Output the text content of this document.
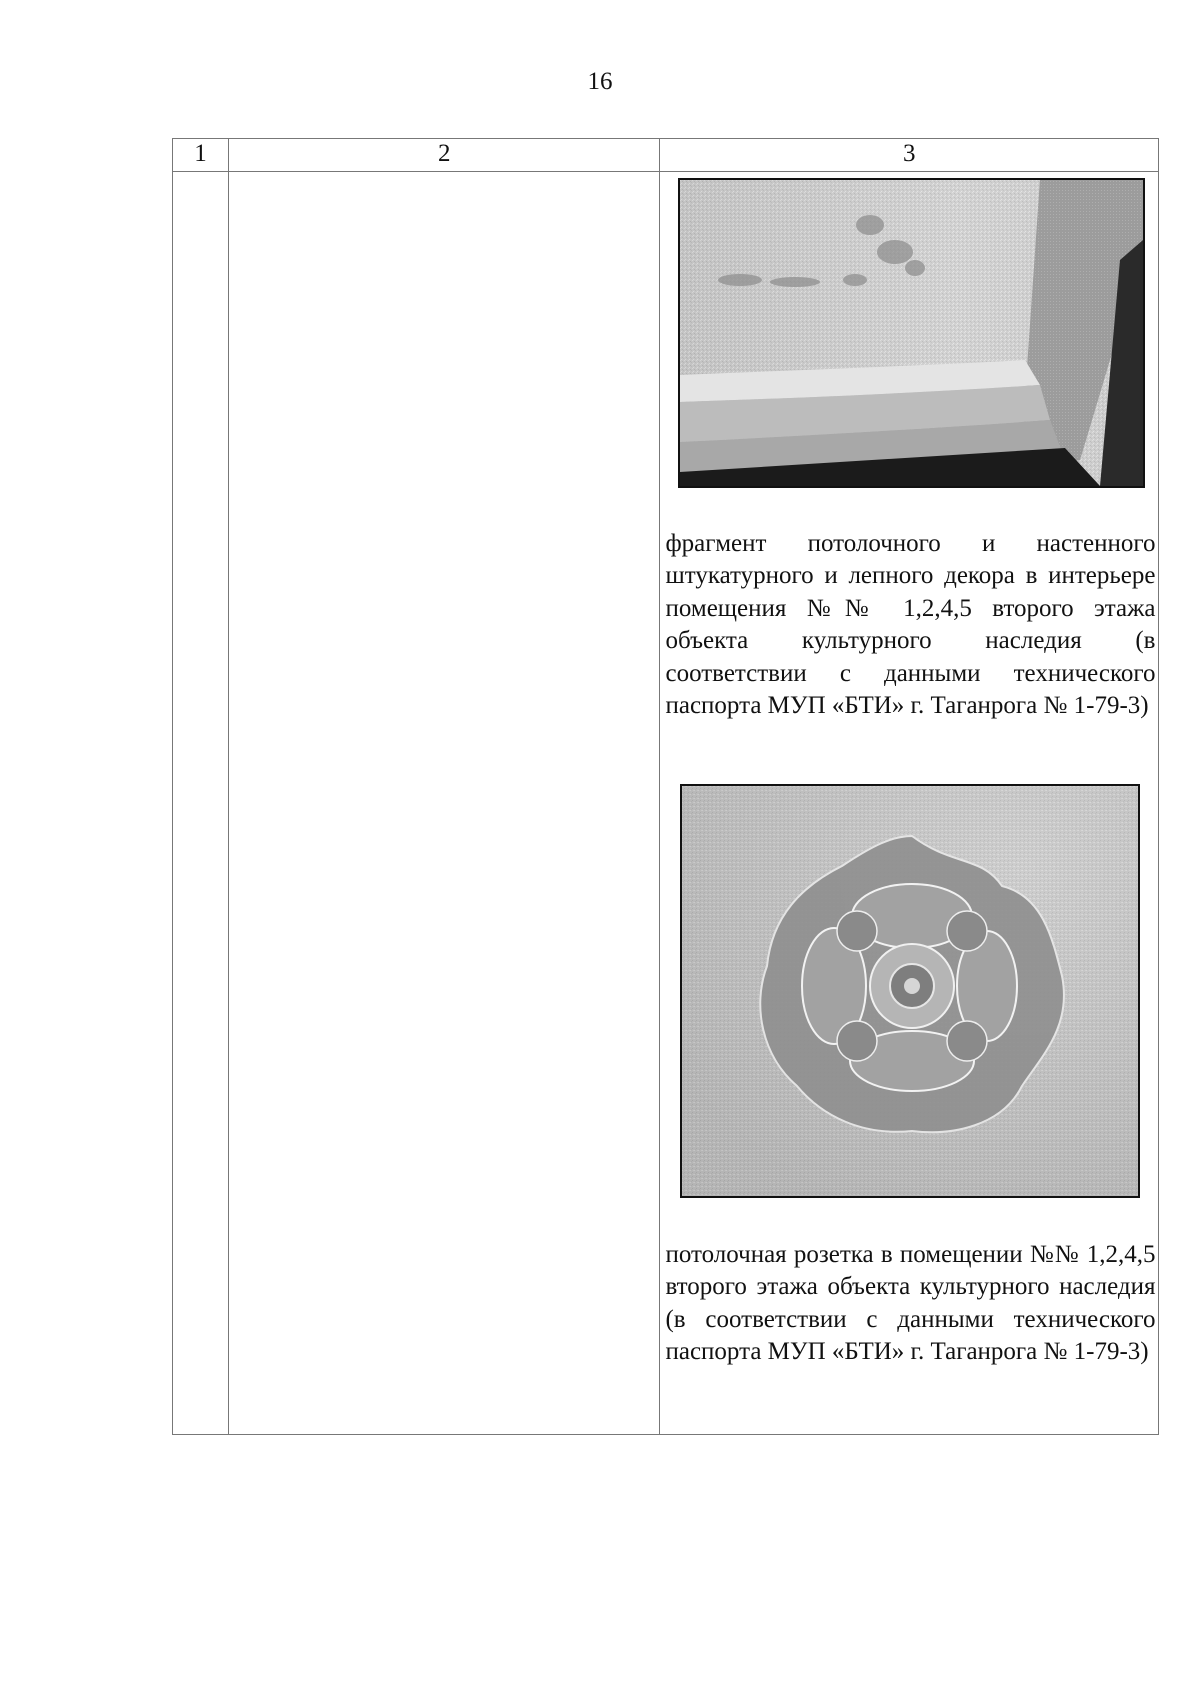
16
1	2	3

		фрагмент потолочного и настенного штукатурного и лепного декора в интерьере помещения №№ 1,2,4,5 второго этажа объекта культурного наследия (в соответствии с данными технического паспорта МУП «БТИ» г. Таганрога № 1-79-3)
потолочная розетка в помещении №№ 1,2,4,5 второго этажа объекта культурного наследия (в соответствии с данными технического паспорта МУП «БТИ» г. Таганрога № 1-79-3)
